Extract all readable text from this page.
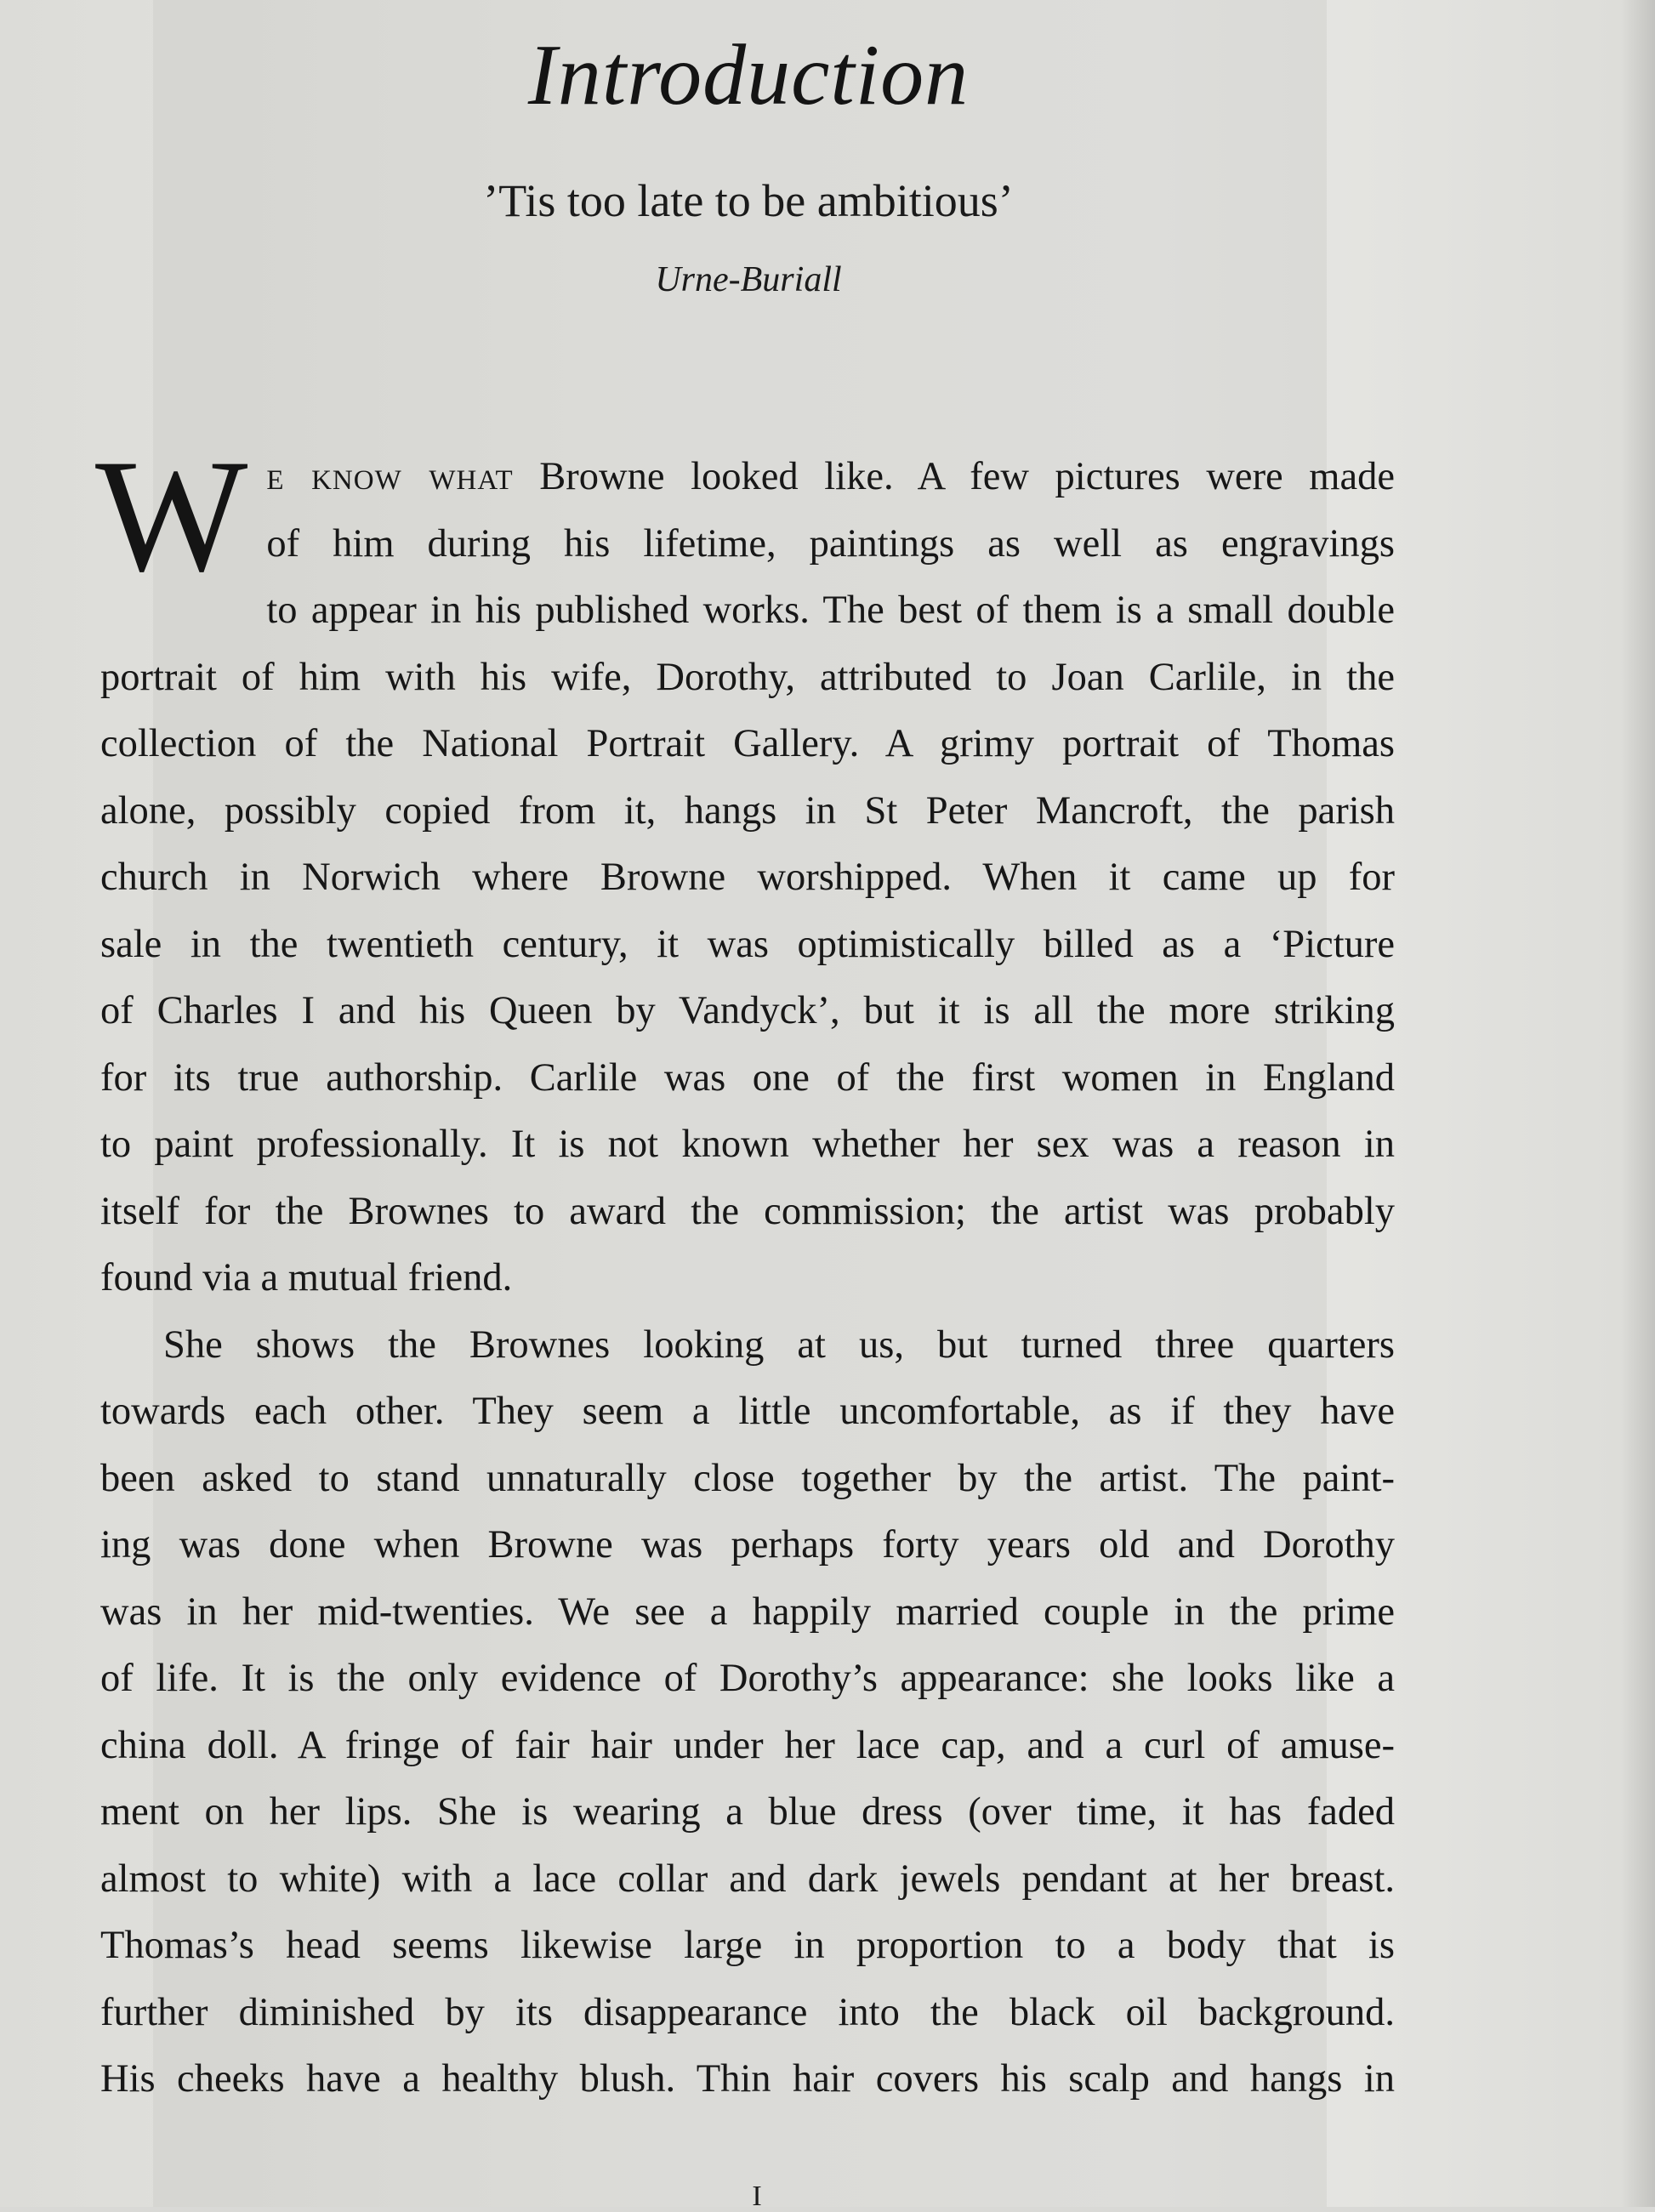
Introduction
’Tis too late to be ambitious’
Urne-Buriall
W e know what Browne looked like. A few pictures were made
of him during his lifetime, paintings as well as engravings
to appear in his published works. The best of them is a small double
portrait of him with his wife, Dorothy, attributed to Joan Carlile, in the
collection of the National Portrait Gallery. A grimy portrait of Thomas
alone, possibly copied from it, hangs in St Peter Mancroft, the parish
church in Norwich where Browne worshipped. When it came up for
sale in the twentieth century, it was optimistically billed as a ‘Picture
of Charles I and his Queen by Vandyck’, but it is all the more striking
for its true authorship. Carlile was one of the first women in England
to paint professionally. It is not known whether her sex was a reason in
itself for the Brownes to award the commission; the artist was probably
found via a mutual friend.
She shows the Brownes looking at us, but turned three quarters
towards each other. They seem a little uncomfortable, as if they have
been asked to stand unnaturally close together by the artist. The paint-
ing was done when Browne was perhaps forty years old and Dorothy
was in her mid-twenties. We see a happily married couple in the prime
of life. It is the only evidence of Dorothy’s appearance: she looks like a
china doll. A fringe of fair hair under her lace cap, and a curl of amuse-
ment on her lips. She is wearing a blue dress (over time, it has faded
almost to white) with a lace collar and dark jewels pendant at her breast.
Thomas’s head seems likewise large in proportion to a body that is
further diminished by its disappearance into the black oil background.
His cheeks have a healthy blush. Thin hair covers his scalp and hangs in
I
